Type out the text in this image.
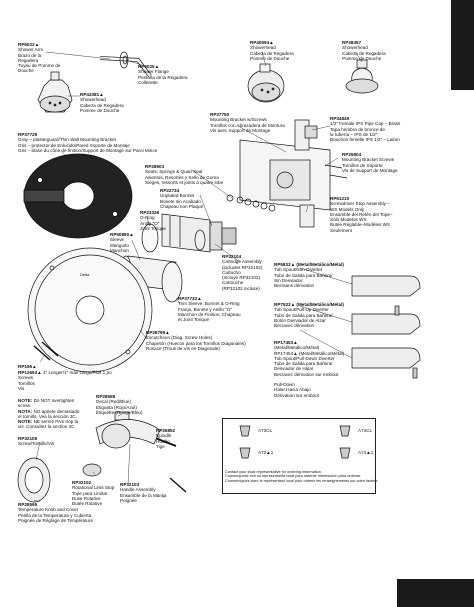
Delta
RP6023▲
Shower Arm
Brazo de la
Regadera
Tuyau de Pomme de
Douche
RP6025▲
Shower Flange
Pestaña de la Regadera
Collerette
RP43381▲
Showerhead
Cabeza de Regadera
Pomme de Douche
RP40594▲
Showerhead
Cabeza de Regadera
Pomme de Douche
RP38357
Showerhead
Cabeza de Regadera
Pomme de Douche
RP37729
Gray – plasterguard/Thin Wall Mounting Bracket
Gris – protector de Enlucido/Pared Soporte de Montaje
Gris – blase du cône de finition/Support de Montage sur Paroi Mince
RP37750
Mounting Bracket w/Screws
Tornillos con Abrazadera de Montura
Vis avec Support de Montage
RP34849
1/2" Female IPS Pipe Cap – Brass
Tapa hembra de bronce de
la tubería – IPS de 1/2"
Bouchon femelle IPS 1/2" – Laiton
RP25804
Mounting Bracket Screws
Tornillos de Soporte
Vis de Support de Montage
RP28603
Seats, Springs & Quad Seal
Asientos, Resortes y Sello de Goma
Sièges, ressorts et joints à quatre lobe
RP22734
Unplated Bonnet
Bonete sin Acabado
Chapeau non Plaqué
RP23336
O-Ring
Anillo "O"
Joint Torique
RP61210
Screwdriver Stop Assembly –
WS Models Only
Ensamble del Retén del Tope–
Sólo Modelos WS
Butée Réglable–Modèles WS
Seulement
RP50880▲
Sleeve
Manguito
Manchon
RP32104
Cartridge Assembly
(includes RP32102)
Cartucho
(Incluye RP32102)
Cartouche
(RP32102 incluse)
RP5833▲ (Metal/Metálico/Métal)
Tub Spout/Non-Diverter
Tubo de Salida para Bañera/
Sin Desviador
Bec/sans dérivation
RP7533▲ (Metal/Metálico/Métal)
Tub Spout/Pull-Up Diverter
Tubo de Salida para Bañera/
Botón Desviador de Alzar
Bec/avec dérivation
RP17453▲
(Metal/Metálico/Métal)
RP17454▲ (Metal/Metálico/Métal)
Tub Spout/Pull-Down Diverter
Tubo de Salida para Bañera/
Desviador de Halar
Bec/avec dérivation sur embout
Pull-Down
Halar Hacia Abajo
Dérivation sur embout
RP37732▲
Trim Sleeve, Bonnet & O-Ring
Franja, Bonete y Anillo "O"
Manchon de Finition, Chapeau
et Joint Torique
RP28795▲
Escutcheon (Diag. Screw Holes)
Chapetón (Huecos para los Tornillos Diagonales)
Rosace (Trous de Vis en Diagonale)
RP196▲
RP12653▲ 1" Longer/1" más Largo/Plus 1 po
Screws
Tornillos
Vis
NOTE: Do NOT overtighten
screw.
NOTA: NO apriete demasiado
el tornillo. Vea la sección 3C.
NOTE: NE serrez PAS trop la
vis. Consultez la section 3C.
RP28598
Decal (Red/Blue)
Etiqueta (Rojo/Azul)
Étiquette (Rouge/Bleu)
RP26852
Spindle
Husillo
Tige
RP32105
Screw/Tornillo/Vis
RP32102
Rotational Limit Stop
Tope para Limitar
Buse Rotative
Butée Rotative
RP32103
Handle Assembly
Ensamble de la Manija
Poignée
RP28595
Temperature Knob and Cover
Perilla de la Temperatura y Cubierta
Poignée de Réglage de Température
A72CL	A74CL
A72▲1	A74▲1
Contact your local representative for ordering information.
Comuníquese con su representante local para obtener información para ordenar.
Communiquez avec le représentant local pour obtenir les renseignements sur votre facteur
